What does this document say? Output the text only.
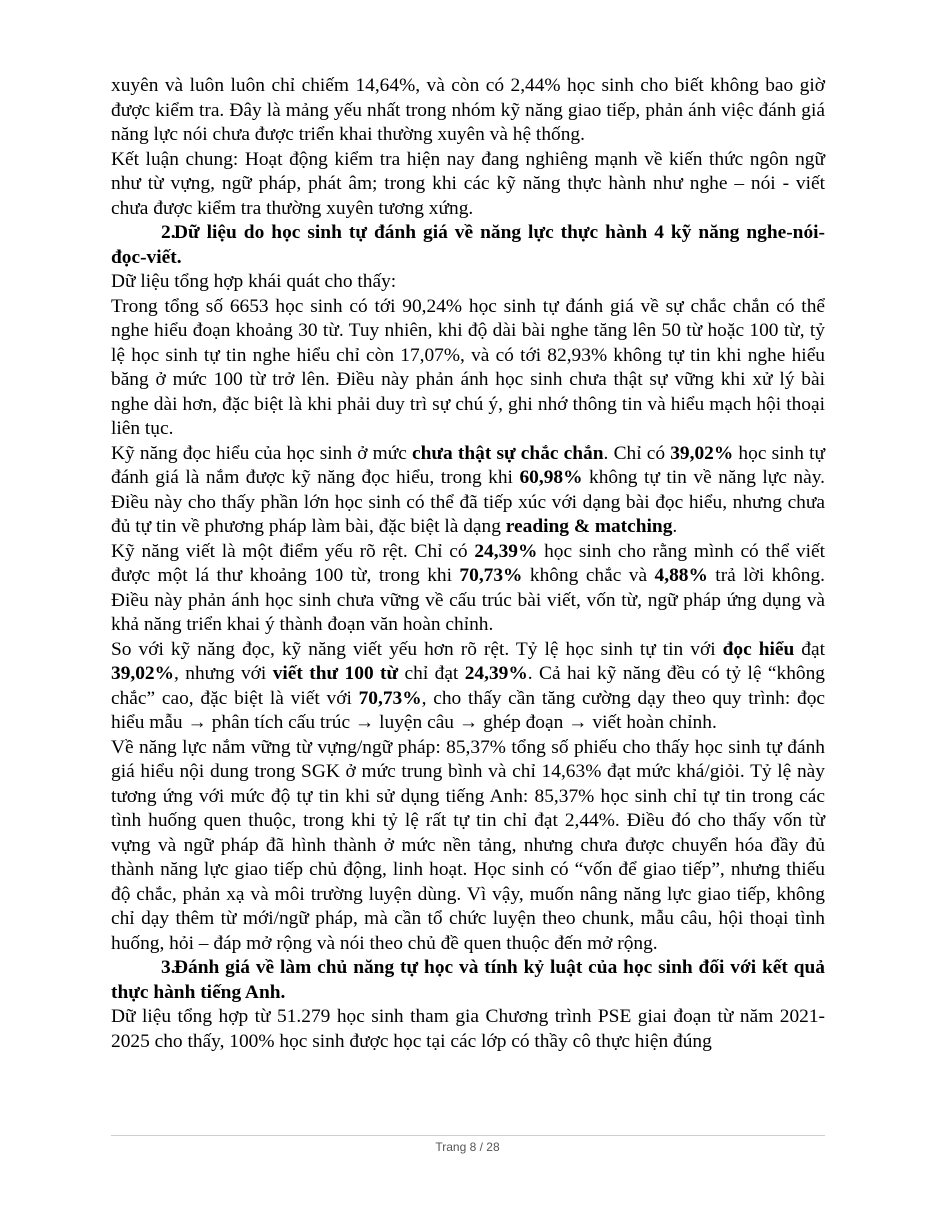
xuyên và luôn luôn chỉ chiếm 14,64%, và còn có 2,44% học sinh cho biết không bao giờ được kiểm tra. Đây là mảng yếu nhất trong nhóm kỹ năng giao tiếp, phản ánh việc đánh giá năng lực nói chưa được triển khai thường xuyên và hệ thống.

Kết luận chung: Hoạt động kiểm tra hiện nay đang nghiêng mạnh về kiến thức ngôn ngữ như từ vựng, ngữ pháp, phát âm; trong khi các kỹ năng thực hành như nghe – nói - viết chưa được kiểm tra thường xuyên tương xứng.

2.Dữ liệu do học sinh tự đánh giá về năng lực thực hành 4 kỹ năng nghe-nói-đọc-viết.

Dữ liệu tổng hợp khái quát cho thấy:

Trong tổng số 6653 học sinh có tới 90,24% học sinh tự đánh giá về sự chắc chắn có thể nghe hiểu đoạn khoảng 30 từ. Tuy nhiên, khi độ dài bài nghe tăng lên 50 từ hoặc 100 từ, tỷ lệ học sinh tự tin nghe hiểu chỉ còn 17,07%, và có tới 82,93% không tự tin khi nghe hiểu băng ở mức 100 từ trở lên. Điều này phản ánh học sinh chưa thật sự vững khi xử lý bài nghe dài hơn, đặc biệt là khi phải duy trì sự chú ý, ghi nhớ thông tin và hiểu mạch hội thoại liên tục.

Kỹ năng đọc hiểu của học sinh ở mức chưa thật sự chắc chắn. Chỉ có 39,02% học sinh tự đánh giá là nắm được kỹ năng đọc hiểu, trong khi 60,98% không tự tin về năng lực này. Điều này cho thấy phần lớn học sinh có thể đã tiếp xúc với dạng bài đọc hiểu, nhưng chưa đủ tự tin về phương pháp làm bài, đặc biệt là dạng reading & matching.

Kỹ năng viết là một điểm yếu rõ rệt. Chỉ có 24,39% học sinh cho rằng mình có thể viết được một lá thư khoảng 100 từ, trong khi 70,73% không chắc và 4,88% trả lời không. Điều này phản ánh học sinh chưa vững về cấu trúc bài viết, vốn từ, ngữ pháp ứng dụng và khả năng triển khai ý thành đoạn văn hoàn chỉnh.

So với kỹ năng đọc, kỹ năng viết yếu hơn rõ rệt. Tỷ lệ học sinh tự tin với đọc hiểu đạt 39,02%, nhưng với viết thư 100 từ chỉ đạt 24,39%. Cả hai kỹ năng đều có tỷ lệ “không chắc” cao, đặc biệt là viết với 70,73%, cho thấy cần tăng cường dạy theo quy trình: đọc hiểu mẫu → phân tích cấu trúc → luyện câu → ghép đoạn → viết hoàn chỉnh.

Về năng lực nắm vững từ vựng/ngữ pháp: 85,37% tổng số phiếu cho thấy học sinh tự đánh giá hiểu nội dung trong SGK ở mức trung bình và chỉ 14,63% đạt mức khá/giỏi. Tỷ lệ này tương ứng với mức độ tự tin khi sử dụng tiếng Anh: 85,37% học sinh chỉ tự tin trong các tình huống quen thuộc, trong khi tỷ lệ rất tự tin chỉ đạt 2,44%. Điều đó cho thấy vốn từ vựng và ngữ pháp đã hình thành ở mức nền tảng, nhưng chưa được chuyển hóa đầy đủ thành năng lực giao tiếp chủ động, linh hoạt. Học sinh có “vốn để giao tiếp”, nhưng thiếu độ chắc, phản xạ và môi trường luyện dùng. Vì vậy, muốn nâng năng lực giao tiếp, không chỉ dạy thêm từ mới/ngữ pháp, mà cần tổ chức luyện theo chunk, mẫu câu, hội thoại tình huống, hỏi – đáp mở rộng và nói theo chủ đề quen thuộc đến mở rộng.

3.Đánh giá về làm chủ năng tự học và tính kỷ luật của học sinh đối với kết quả thực hành tiếng Anh.

Dữ liệu tổng hợp từ 51.279 học sinh tham gia Chương trình PSE giai đoạn từ năm 2021-2025 cho thấy, 100% học sinh được học tại các lớp có thầy cô thực hiện đúng

Trang 8 / 28
